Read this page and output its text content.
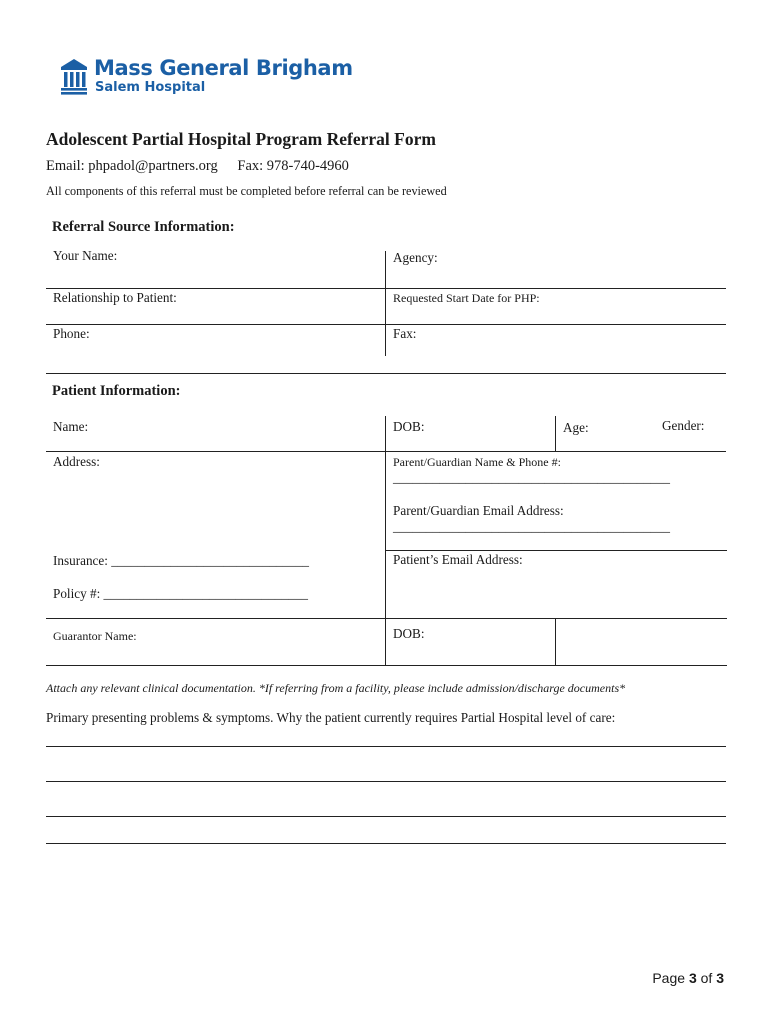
Mass General Brigham
Salem Hospital
Adolescent Partial Hospital Program Referral Form
Email: phpadol@partners.org Fax: 978-740-4960
All components of this referral must be completed before referral can be reviewed
Referral Source Information:
Your Name:	Agency:
Relationship to Patient:	Requested Start Date for PHP:
Phone:	Fax:
Patient Information:
Name:	DOB:	Age:	Gender:
Address:	Parent/Guardian Name & Phone #:
__________________________________________
Parent/Guardian Email Address:
__________________________________________
Insurance: ______________________________	Patient’s Email Address:
Policy #: _______________________________
Guarantor Name:	DOB:
Attach any relevant clinical documentation. *If referring from a facility, please include admission/discharge documents*
Primary presenting problems & symptoms. Why the patient currently requires Partial Hospital level of care:
Page 3 of 3
